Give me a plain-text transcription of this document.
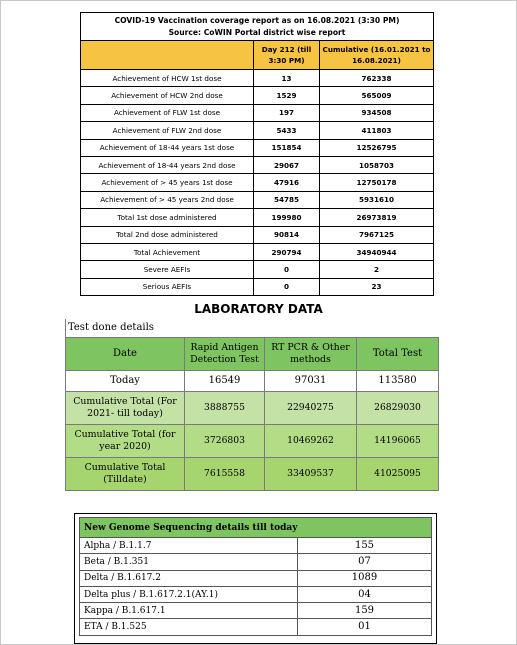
COVID-19 Vaccination coverage report as on 16.08.2021 (3:30 PM)
Source: CoWIN Portal district wise report		

	Day 212 (till 3:30 PM)	Cumulative (16.01.2021 to 16.08.2021)
Achievement of HCW 1st dose	13	762338
Achievement of HCW 2nd dose	1529	565009
Achievement of FLW 1st dose	197	934508
Achievement of FLW 2nd dose	5433	411803
Achievement of 18-44 years 1st dose	151854	12526795
Achievement of 18-44 years 2nd dose	29067	1058703
Achievement of > 45 years 1st dose	47916	12750178
Achievement of > 45 years 2nd dose	54785	5931610
Total 1st dose administered	199980	26973819
Total 2nd dose administered	90814	7967125
Total Achievement	290794	34940944
Severe AEFIs	0	2
Serious AEFIs	0	23
LABORATORY DATA
Test done details			
Date	Rapid Antigen Detection Test	RT PCR & Other methods	Total Test
Today	16549	97031	113580
Cumulative Total (For 2021- till today)	3888755	22940275	26829030
Cumulative Total (for year 2020)	3726803	10469262	14196065
Cumulative Total (Tilldate)	7615558	33409537	41025095
New Genome Sequencing details till today	
Alpha / B.1.1.7	155
Beta / B.1.351	07
Delta / B.1.617.2	1089
Delta plus / B.1.617.2.1(AY.1)	04
Kappa / B.1.617.1	159
ETA / B.1.525	01
